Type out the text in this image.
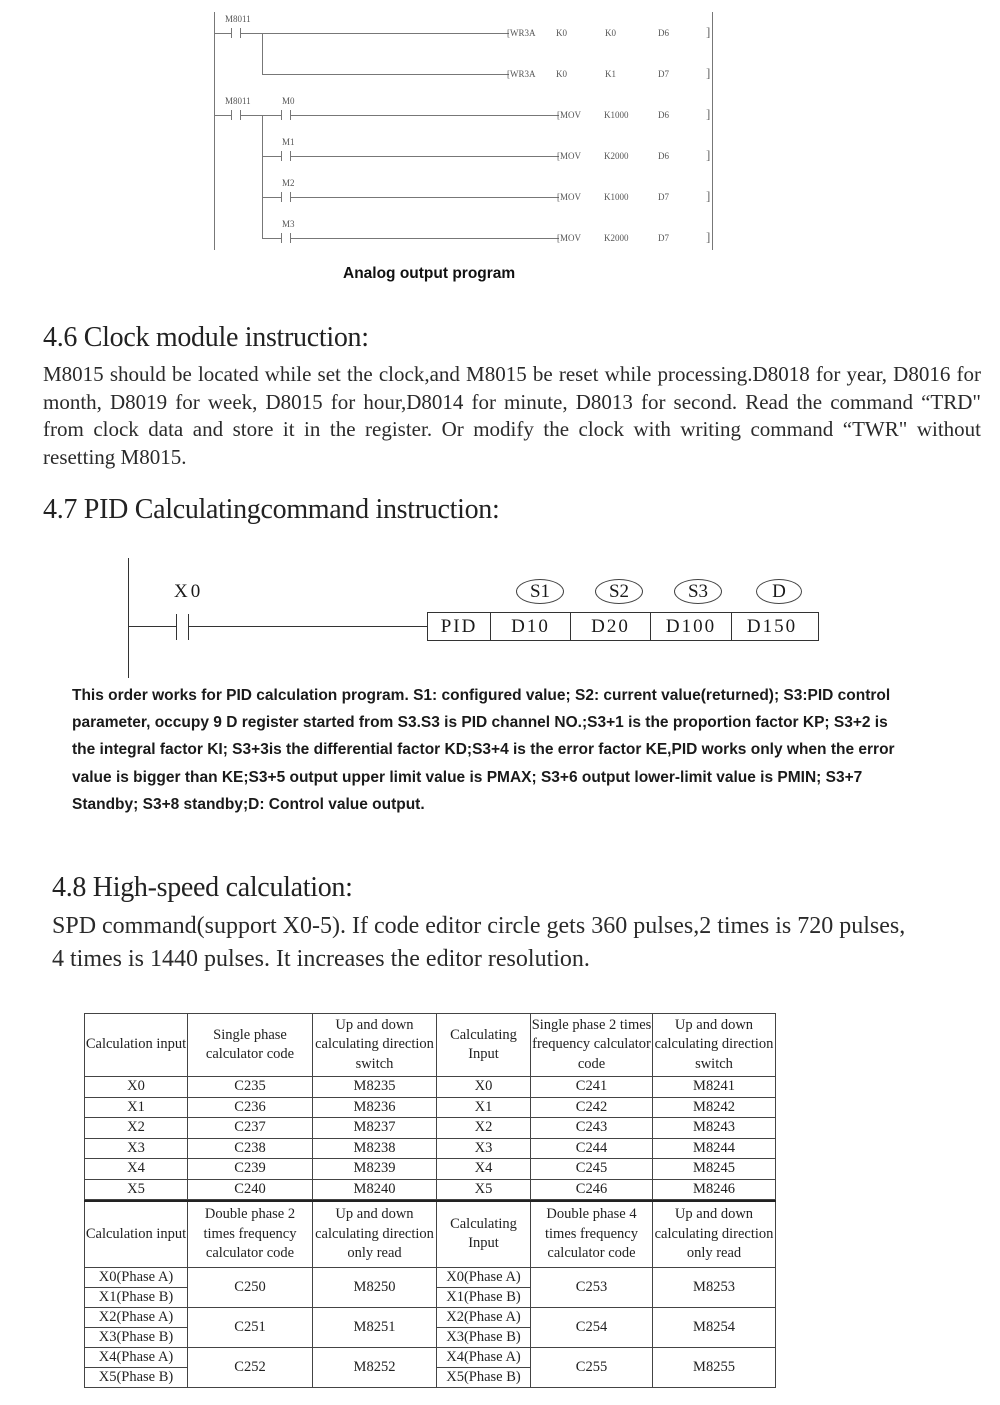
M8011
[WR3A K0	K0	D6	]
[WR3A K0	K1	D7	]
M8011	M0
[MOV	K1000	D6	]
M1
[MOV	K2000	D6	]
M2
[MOV	K1000	D7	]
M3
[MOV	K2000	D7	]
Analog output program
4.6 Clock module instruction:
M8015 should be located while set the clock,and M8015 be reset while processing.D8018 for year, D8016 for month, D8019 for week, D8015 for hour,D8014 for minute, D8013 for second. Read the command “TRD" from clock data and store it in the register. Or modify the clock with writing command “TWR" without resetting M8015.
4.7 PID Calculatingcommand instruction:
X0	S1	S2	S3	D
PID	D10	D20	D100	D150
This order works for PID calculation program. S1: configured value; S2: current value(returned); S3:PID control parameter, occupy 9 D register started from S3.S3 is PID channel NO.;S3+1 is the proportion factor KP; S3+2 is the integral factor KI; S3+3is the differential factor KD;S3+4 is the error factor KE,PID works only when the error value is bigger than KE;S3+5 output upper limit value is PMAX; S3+6 output lower-limit value is PMIN; S3+7 Standby; S3+8 standby;D: Control value output.
4.8 High-speed calculation:
SPD command(support X0-5). If code editor circle gets 360 pulses,2 times is 720 pulses, 4 times is 1440 pulses. It increases the editor resolution.
Calculation input	Single phase calculator code	Up and down calculating direction switch	Calculating Input	Single phase 2 times frequency calculator code	Up and down calculating direction switch
X0	C235	M8235	X0	C241	M8241
X1	C236	M8236	X1	C242	M8242
X2	C237	M8237	X2	C243	M8243
X3	C238	M8238	X3	C244	M8244
X4	C239	M8239	X4	C245	M8245
X5	C240	M8240	X5	C246	M8246
Calculation input	Double phase 2 times frequency calculator code	Up and down calculating direction only read	Calculating Input	Double phase 4 times frequency calculator code	Up and down calculating direction only read
X0(Phase A)	C250	M8250	X0(Phase A)	C253	M8253
X1(Phase B)			X1(Phase B)		
X2(Phase A)	C251	M8251	X2(Phase A)	C254	M8254
X3(Phase B)			X3(Phase B)		
X4(Phase A)	C252	M8252	X4(Phase A)	C255	M8255
X5(Phase B)			X5(Phase B)		
